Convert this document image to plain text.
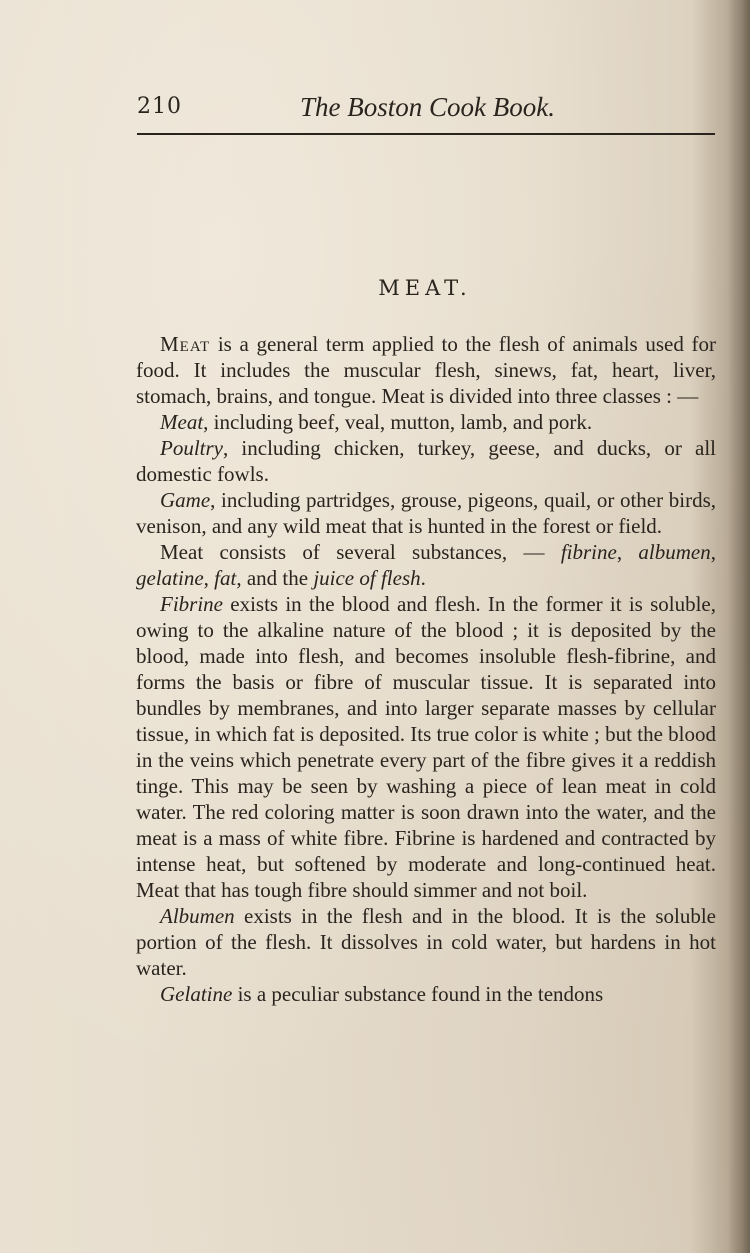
210	The Boston Cook Book.
MEAT.

Meat is a general term applied to the flesh of animals used for food. It includes the muscular flesh, sinews, fat, heart, liver, stomach, brains, and tongue. Meat is divided into three classes : —

Meat, including beef, veal, mutton, lamb, and pork.

Poultry, including chicken, turkey, geese, and ducks, or all domestic fowls.

Game, including partridges, grouse, pigeons, quail, or other birds, venison, and any wild meat that is hunted in the forest or field.

Meat consists of several substances, — fibrine, albumen, gelatine, fat, and the juice of flesh.

Fibrine exists in the blood and flesh. In the former it is soluble, owing to the alkaline nature of the blood ; it is deposited by the blood, made into flesh, and becomes insoluble flesh-fibrine, and forms the basis or fibre of muscular tissue. It is separated into bundles by membranes, and into larger separate masses by cellular tissue, in which fat is deposited. Its true color is white ; but the blood in the veins which penetrate every part of the fibre gives it a reddish tinge. This may be seen by washing a piece of lean meat in cold water. The red coloring matter is soon drawn into the water, and the meat is a mass of white fibre. Fibrine is hardened and contracted by intense heat, but softened by moderate and long-continued heat. Meat that has tough fibre should simmer and not boil.

Albumen exists in the flesh and in the blood. It is the soluble portion of the flesh. It dissolves in cold water, but hardens in hot water.

Gelatine is a peculiar substance found in the tendons
